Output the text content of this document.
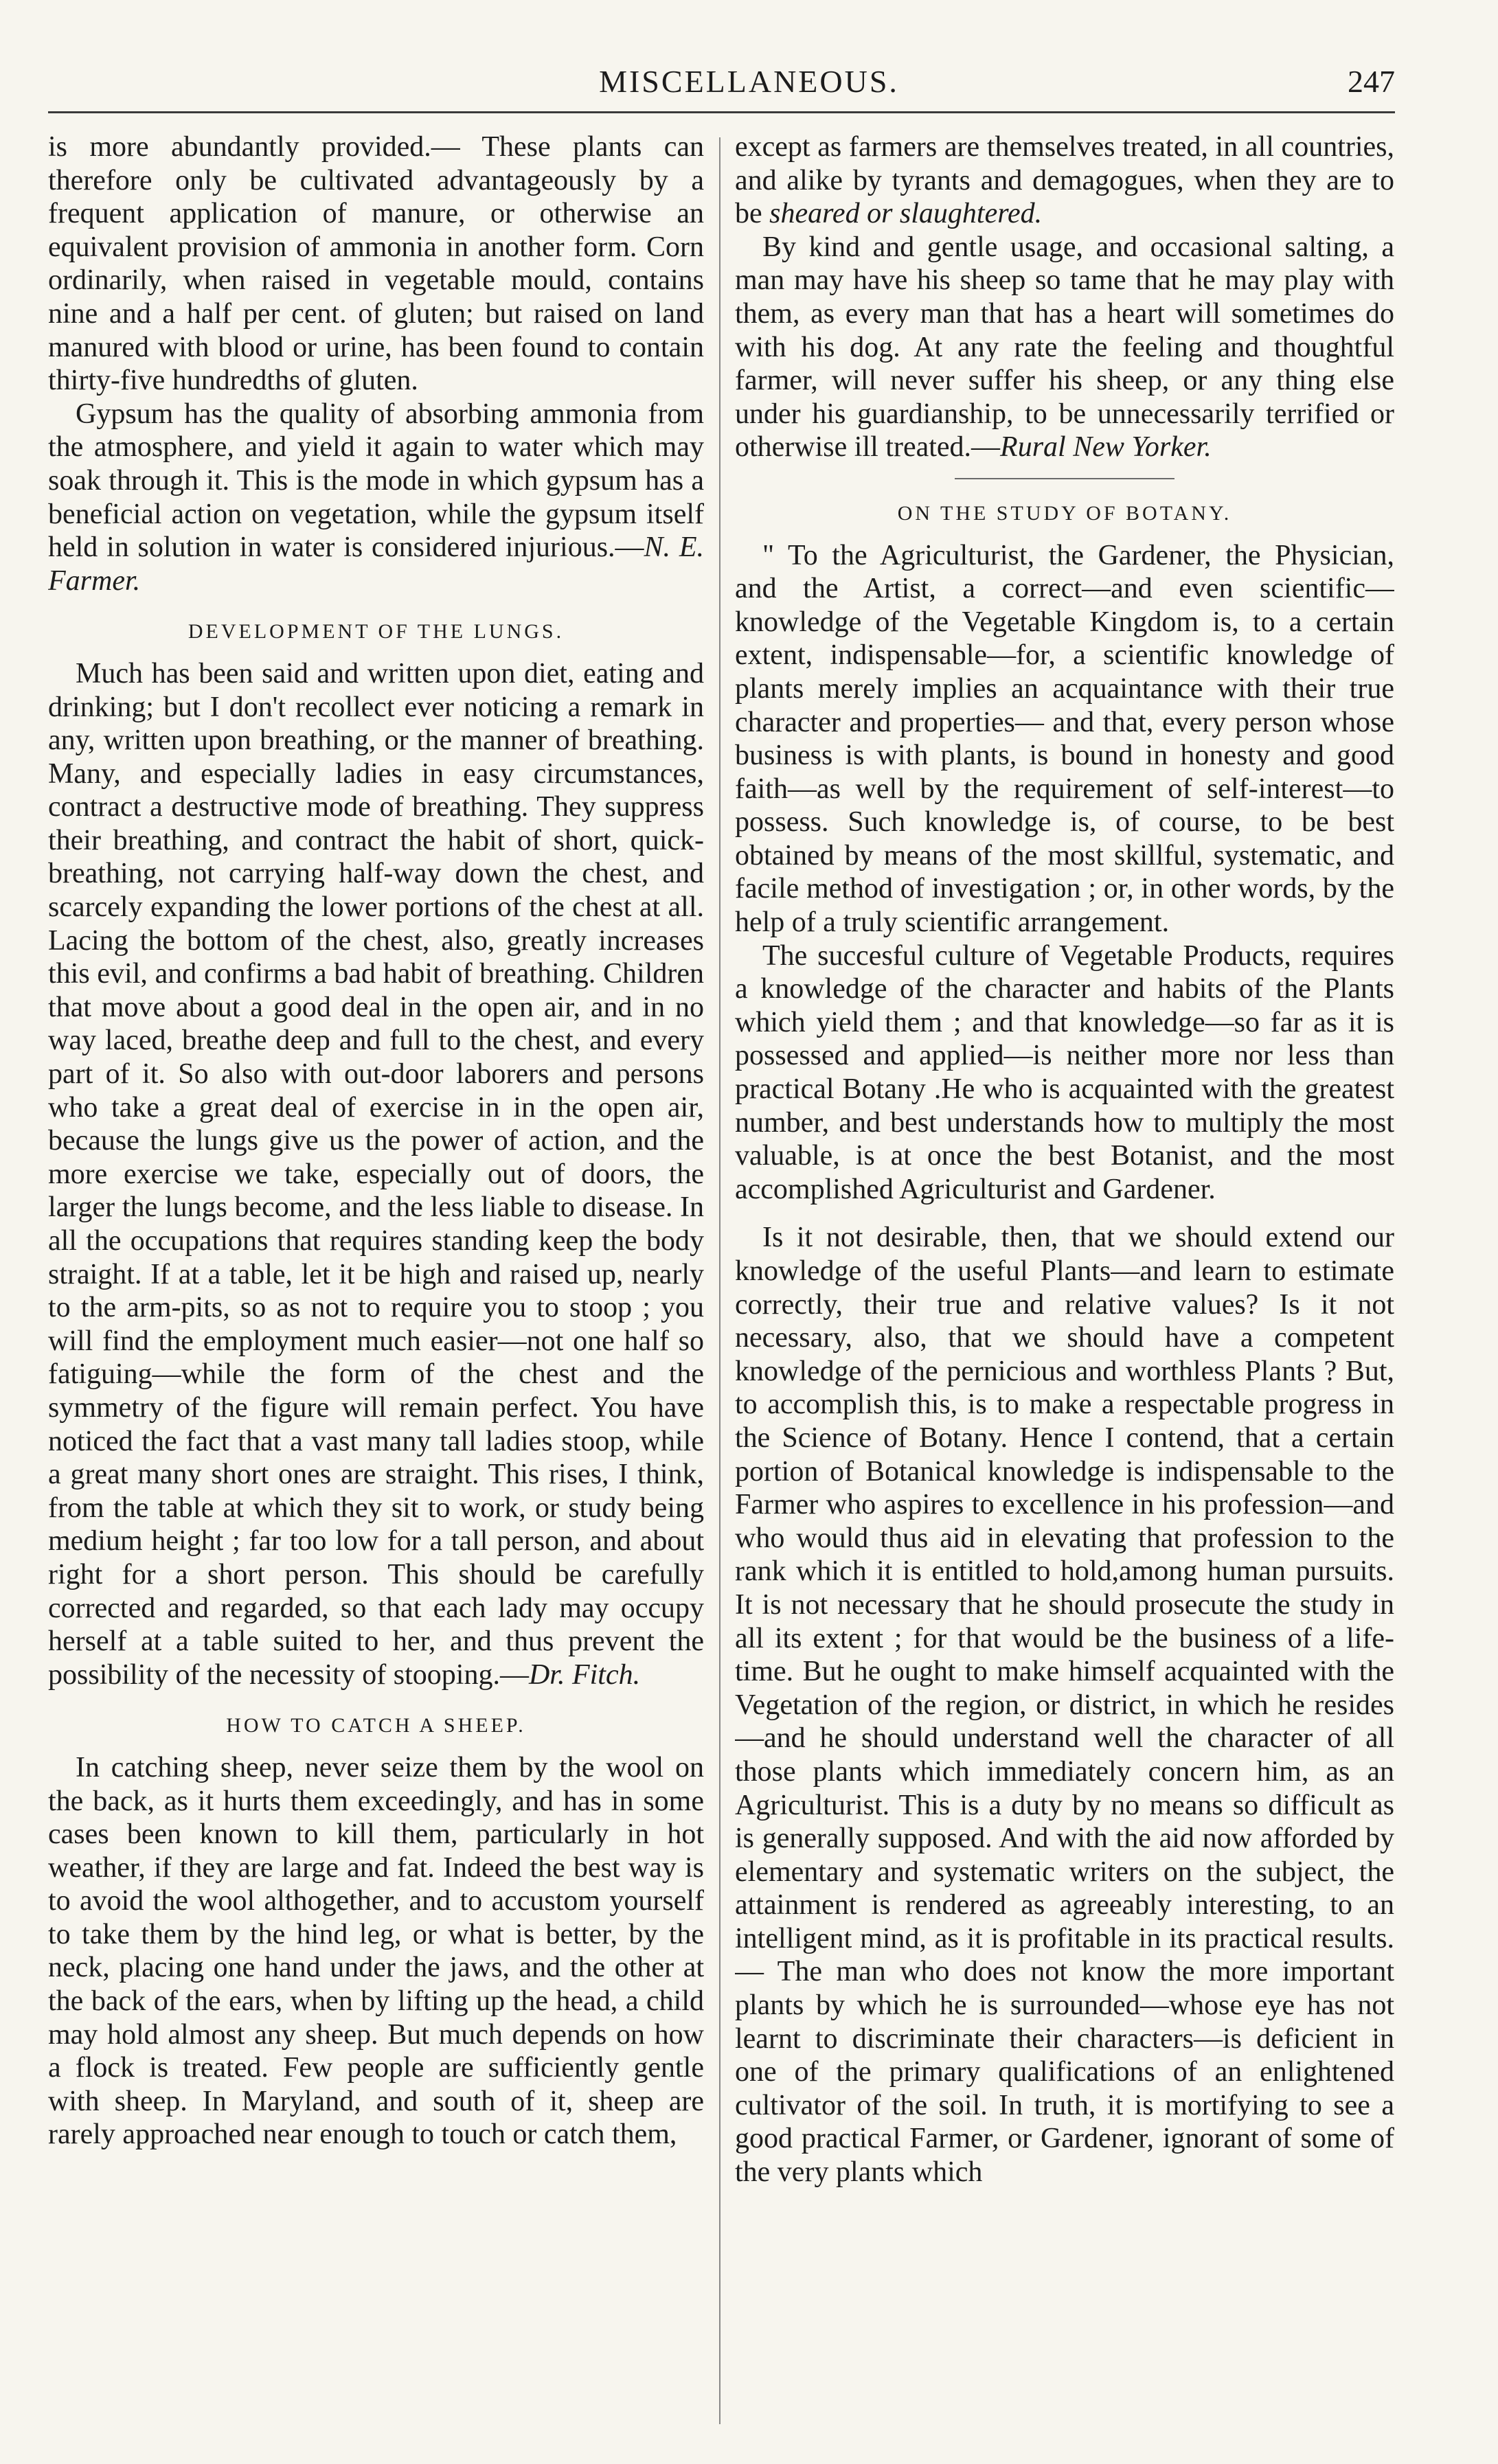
MISCELLANEOUS.	247

is more abundantly provided.— These plants can therefore only be cultivated advantageously by a frequent application of manure, or otherwise an equivalent provision of ammonia in another form. Corn ordinarily, when raised in vegetable mould, contains nine and a half per cent. of gluten; but raised on land manured with blood or urine, has been found to contain thirty-five hundredths of gluten.

Gypsum has the quality of absorbing ammonia from the atmosphere, and yield it again to water which may soak through it. This is the mode in which gypsum has a beneficial action on vegetation, while the gypsum itself held in solution in water is considered injurious.—N. E. Farmer.

DEVELOPMENT OF THE LUNGS.

Much has been said and written upon diet, eating and drinking; but I don't recollect ever noticing a remark in any, written upon breathing, or the manner of breathing. Many, and especially ladies in easy circumstances, contract a destructive mode of breathing. They suppress their breathing, and contract the habit of short, quick-breathing, not carrying half-way down the chest, and scarcely expanding the lower portions of the chest at all. Lacing the bottom of the chest, also, greatly increases this evil, and confirms a bad habit of breathing. Children that move about a good deal in the open air, and in no way laced, breathe deep and full to the chest, and every part of it. So also with out-door laborers and persons who take a great deal of exercise in in the open air, because the lungs give us the power of action, and the more exercise we take, especially out of doors, the larger the lungs become, and the less liable to disease. In all the occupations that requires standing keep the body straight. If at a table, let it be high and raised up, nearly to the arm-pits, so as not to require you to stoop ; you will find the employment much easier—not one half so fatiguing—while the form of the chest and the symmetry of the figure will remain perfect. You have noticed the fact that a vast many tall ladies stoop, while a great many short ones are straight. This rises, I think, from the table at which they sit to work, or study being medium height ; far too low for a tall person, and about right for a short person. This should be carefully corrected and regarded, so that each lady may occupy herself at a table suited to her, and thus prevent the possibility of the necessity of stooping.—Dr. Fitch.

HOW TO CATCH A SHEEP.

In catching sheep, never seize them by the wool on the back, as it hurts them exceedingly, and has in some cases been known to kill them, particularly in hot weather, if they are large and fat. Indeed the best way is to avoid the wool althogether, and to accustom yourself to take them by the hind leg, or what is better, by the neck, placing one hand under the jaws, and the other at the back of the ears, when by lifting up the head, a child may hold almost any sheep. But much depends on how a flock is treated. Few people are sufficiently gentle with sheep. In Maryland, and south of it, sheep are rarely approached near enough to touch or catch them,

except as farmers are themselves treated, in all countries, and alike by tyrants and demagogues, when they are to be sheared or slaughtered.

By kind and gentle usage, and occasional salting, a man may have his sheep so tame that he may play with them, as every man that has a heart will sometimes do with his dog. At any rate the feeling and thoughtful farmer, will never suffer his sheep, or any thing else under his guardianship, to be unnecessarily terrified or otherwise ill treated.—Rural New Yorker.

ON THE STUDY OF BOTANY.

" To the Agriculturist, the Gardener, the Physician, and the Artist, a correct—and even scientific—knowledge of the Vegetable Kingdom is, to a certain extent, indispensable—for, a scientific knowledge of plants merely implies an acquaintance with their true character and properties— and that, every person whose business is with plants, is bound in honesty and good faith—as well by the requirement of self-interest—to possess. Such knowledge is, of course, to be best obtained by means of the most skillful, systematic, and facile method of investigation ; or, in other words, by the help of a truly scientific arrangement.

The succesful culture of Vegetable Products, requires a knowledge of the character and habits of the Plants which yield them ; and that knowledge—so far as it is possessed and applied—is neither more nor less than practical Botany .He who is acquainted with the greatest number, and best understands how to multiply the most valuable, is at once the best Botanist, and the most accomplished Agriculturist and Gardener.

Is it not desirable, then, that we should extend our knowledge of the useful Plants—and learn to estimate correctly, their true and relative values? Is it not necessary, also, that we should have a competent knowledge of the pernicious and worthless Plants ? But, to accomplish this, is to make a respectable progress in the Science of Botany. Hence I contend, that a certain portion of Botanical knowledge is indispensable to the Farmer who aspires to excellence in his profession—and who would thus aid in elevating that profession to the rank which it is entitled to hold,among human pursuits. It is not necessary that he should prosecute the study in all its extent ; for that would be the business of a life-time. But he ought to make himself acquainted with the Vegetation of the region, or district, in which he resides—and he should understand well the character of all those plants which immediately concern him, as an Agriculturist. This is a duty by no means so difficult as is generally supposed. And with the aid now afforded by elementary and systematic writers on the subject, the attainment is rendered as agreeably interesting, to an intelligent mind, as it is profitable in its practical results.— The man who does not know the more important plants by which he is surrounded—whose eye has not learnt to discriminate their characters—is deficient in one of the primary qualifications of an enlightened cultivator of the soil. In truth, it is mortifying to see a good practical Farmer, or Gardener, ignorant of some of the very plants which
